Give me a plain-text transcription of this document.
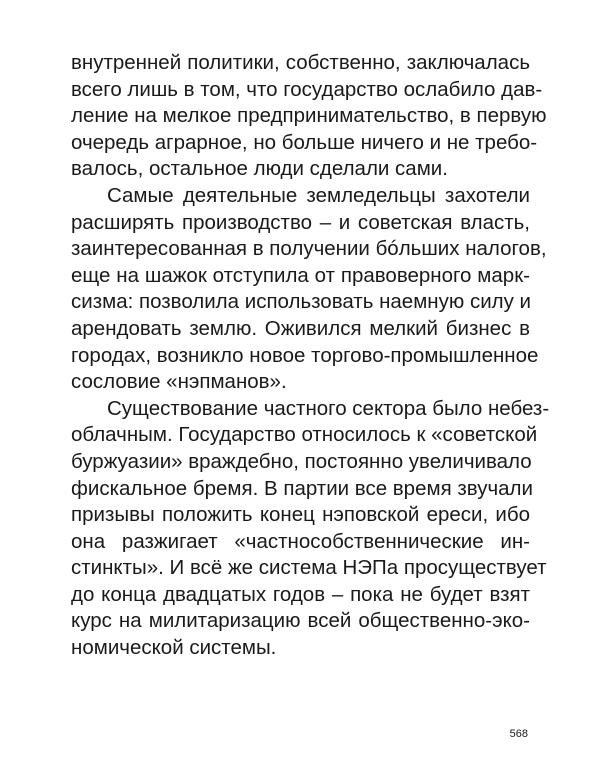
внутренней политики, собственно, заключалась
всего лишь в том, что государство ослабило дав-
ление на мелкое предпринимательство, в первую
очередь аграрное, но больше ничего и не требо-
валось, остальное люди сделали сами.
Самые деятельные земледельцы захотели
расширять производство – и советская власть,
заинтересованная в получении бóльших налогов,
еще на шажок отступила от правоверного марк-
сизма: позволила использовать наемную силу и
арендовать землю. Оживился мелкий бизнес в
городах, возникло новое торгово-промышленное
сословие «нэпманов».
Существование частного сектора было небез-
облачным. Государство относилось к «советской
буржуазии» враждебно, постоянно увеличивало
фискальное бремя. В партии все время звучали
призывы положить конец нэповской ереси, ибо
она разжигает «частнособственнические ин-
стинкты». И всё же система НЭПа просуществует
до конца двадцатых годов – пока не будет взят
курс на милитаризацию всей общественно-эко-
номической системы.
568
